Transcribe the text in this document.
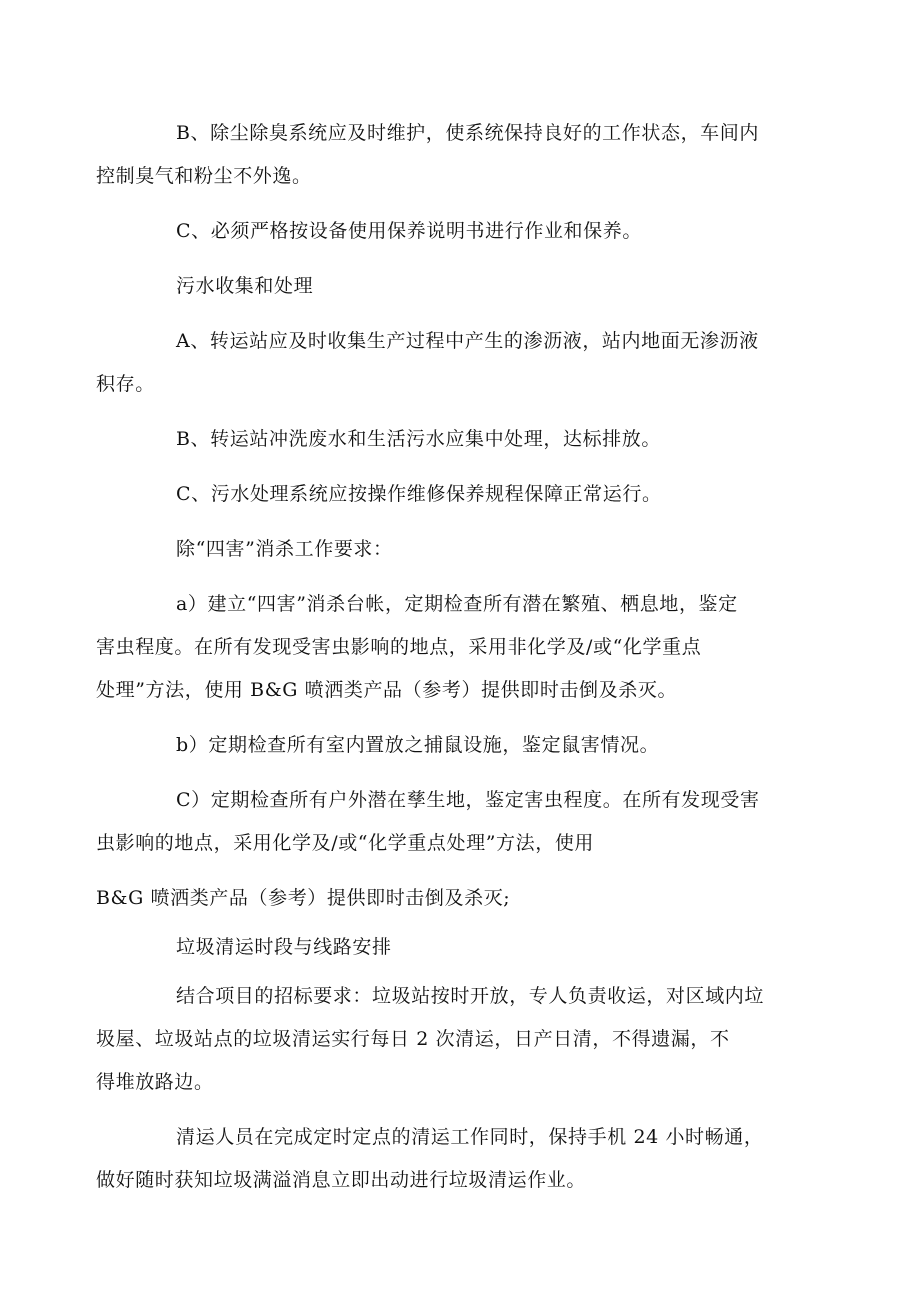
B、除尘除臭系统应及时维护，使系统保持良好的工作状态，车间内
控制臭气和粉尘不外逸。

C、必须严格按设备使用保养说明书进行作业和保养。

污水收集和处理

A、转运站应及时收集生产过程中产生的渗沥液，站内地面无渗沥液
积存。

B、转运站冲洗废水和生活污水应集中处理，达标排放。

C、污水处理系统应按操作维修保养规程保障正常运行。

除“四害”消杀工作要求：

a）建立“四害”消杀台帐，定期检查所有潜在繁殖、栖息地，鉴定
害虫程度。在所有发现受害虫影响的地点，采用非化学及/或“化学重点
处理”方法，使用 B&G 喷洒类产品（参考）提供即时击倒及杀灭。

b）定期检查所有室内置放之捕鼠设施，鉴定鼠害情况。

C）定期检查所有户外潜在孳生地，鉴定害虫程度。在所有发现受害
虫影响的地点，采用化学及/或“化学重点处理”方法，使用

B&G 喷洒类产品（参考）提供即时击倒及杀灭;

垃圾清运时段与线路安排

结合项目的招标要求：垃圾站按时开放，专人负责收运，对区域内垃
圾屋、垃圾站点的垃圾清运实行每日 2 次清运，日产日清，不得遗漏，不
得堆放路边。

清运人员在完成定时定点的清运工作同时，保持手机 24 小时畅通，
做好随时获知垃圾满溢消息立即出动进行垃圾清运作业。
